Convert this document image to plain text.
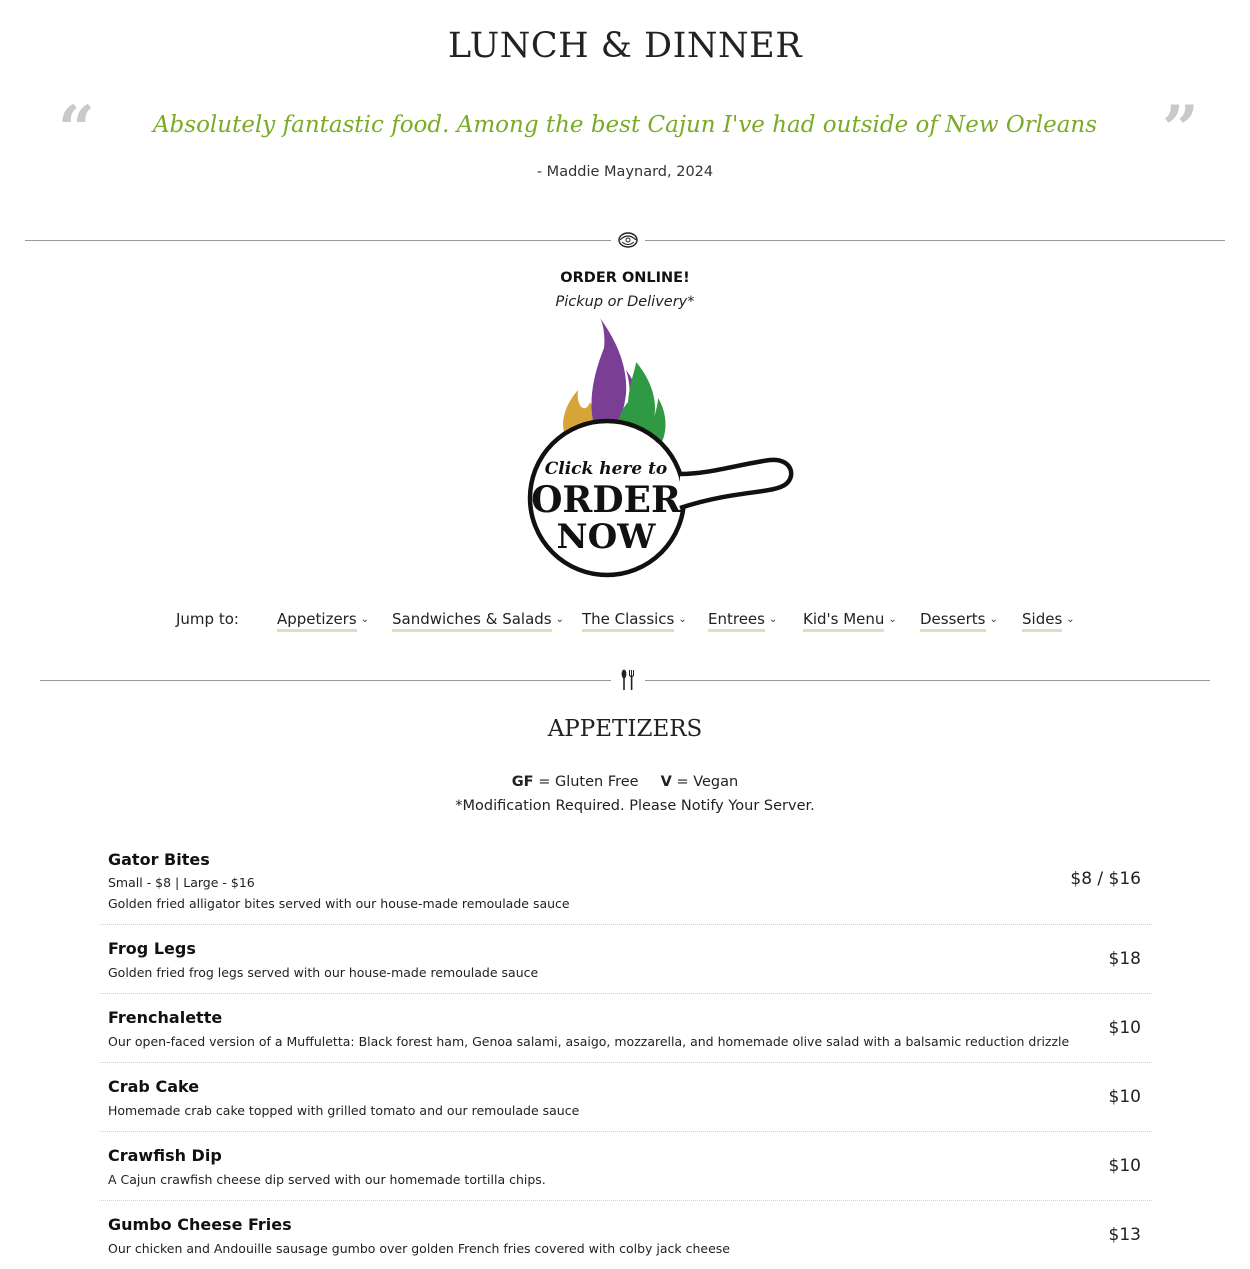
LUNCH & DINNER
“	”
Absolutely fantastic food. Among the best Cajun I've had outside of New Orleans
- Maddie Maynard, 2024
ORDER ONLINE!
Pickup or Delivery*
Click here to
ORDER
NOW
Jump to:	Appetizers ⌄ Sandwiches & Salads ⌄ The Classics ⌄ Entrees ⌄ Kid's Menu ⌄ Desserts ⌄ Sides ⌄
APPETIZERS
GF = Gluten Free V = Vegan
*Modification Required. Please Notify Your Server.
Gator Bites
Small - $8 | Large - $16
Golden fried alligator bites served with our house-made remoulade sauce
$8 / $16
Frog Legs
Golden fried frog legs served with our house-made remoulade sauce
$18
Frenchalette
Our open-faced version of a Muffuletta: Black forest ham, Genoa salami, asaigo, mozzarella, and homemade olive salad with a balsamic reduction drizzle
$10
Crab Cake
Homemade crab cake topped with grilled tomato and our remoulade sauce
$10
Crawfish Dip
A Cajun crawfish cheese dip served with our homemade tortilla chips.
$10
Gumbo Cheese Fries
Our chicken and Andouille sausage gumbo over golden French fries covered with colby jack cheese
$13
